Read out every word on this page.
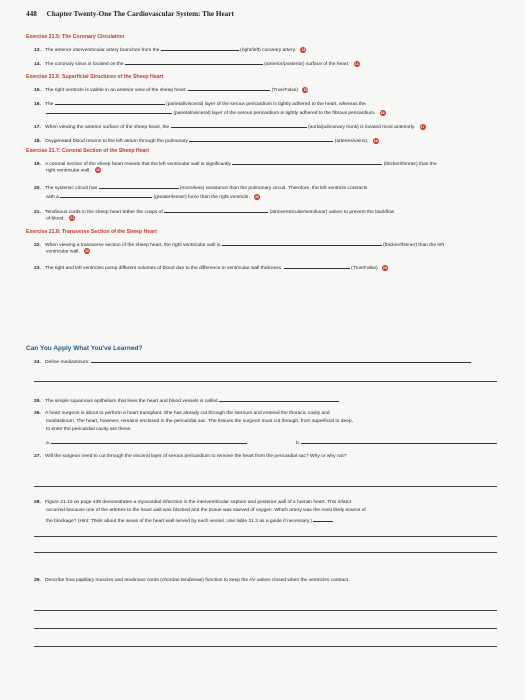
448 Chapter Twenty-One The Cardiovascular System: The Heart
Exercise 21.5: The Coronary Circulation
13. The anterior interventricular artery branches from the	(right/left) coronary artery. 13
14. The coronary sinus is located on the	(anterior/posterior) surface of the heart. 14
Exercise 21.6: Superficial Structures of the Sheep Heart
15. The right ventricle is visible in an anterior view of the sheep heart.	(True/False) 15
16. The	(parietal/visceral) layer of the serous pericardium is tightly adhered to the heart, whereas the
(parietal/visceral) layer of the serous pericardium is tightly adhered to the fibrous pericardium. 16
17. When viewing the anterior surface of the sheep heart, the	(aorta/pulmonary trunk) is located most anteriorly. 17
18. Oxygenated blood returns to the left atrium through the pulmonary	(arteries/veins). 18
Exercise 21.7: Coronal Section of the Sheep Heart
19. A coronal section of the sheep heart reveals that the left ventricular wall is significantly	(thicker/thinner) than the
right ventricular wall. 19
20. The systemic circuit has	(more/less) resistance than the pulmonary circuit. Therefore, the left ventricle contracts
with a	(greater/lesser) force than the right ventricle. 20
21. Tendinous cords in the sheep heart tether the cusps of	(atrioventricular/semilunar) valves to prevent the backflow
of blood. 21
Exercise 21.8: Transverse Section of the Sheep Heart
22. When viewing a transverse section of the sheep heart, the right ventricular wall is	(thicker/thinner) than the left
ventricular wall. 22
23. The right and left ventricles pump different volumes of blood due to the difference in ventricular wall thickness.	(True/False) 23
Can You Apply What You've Learned?
24. Define mediastinum:
25. The simple squamous epithelium that lines the heart and blood vessels is called
26. A heart surgeon is about to perform a heart transplant. She has already cut through the sternum and entered the thoracic cavity and
mediastinum. The heart, however, remains enclosed in the pericardial sac. The tissues the surgeon must cut through, from superficial to deep,
to enter the pericardial cavity are these:
a.	b.
27. Will the surgeon need to cut through the visceral layer of serous pericardium to remove the heart from the pericardial sac? Why or why not?
28. Figure 21.10 on page 439 demonstrates a myocardial infarction in the interventricular septum and posterior wall of a human heart. This infarct
occurred because one of the arteries to the heart wall was blocked and the tissue was starved of oxygen. Which artery was the most likely source of
the blockage? (Hint: Think about the areas of the heart wall served by each vessel. Use table 21.3 as a guide if necessary.)
29. Describe how papillary muscles and tendinous cords (chordae tendineae) function to keep the AV valves closed when the ventricles contract.
